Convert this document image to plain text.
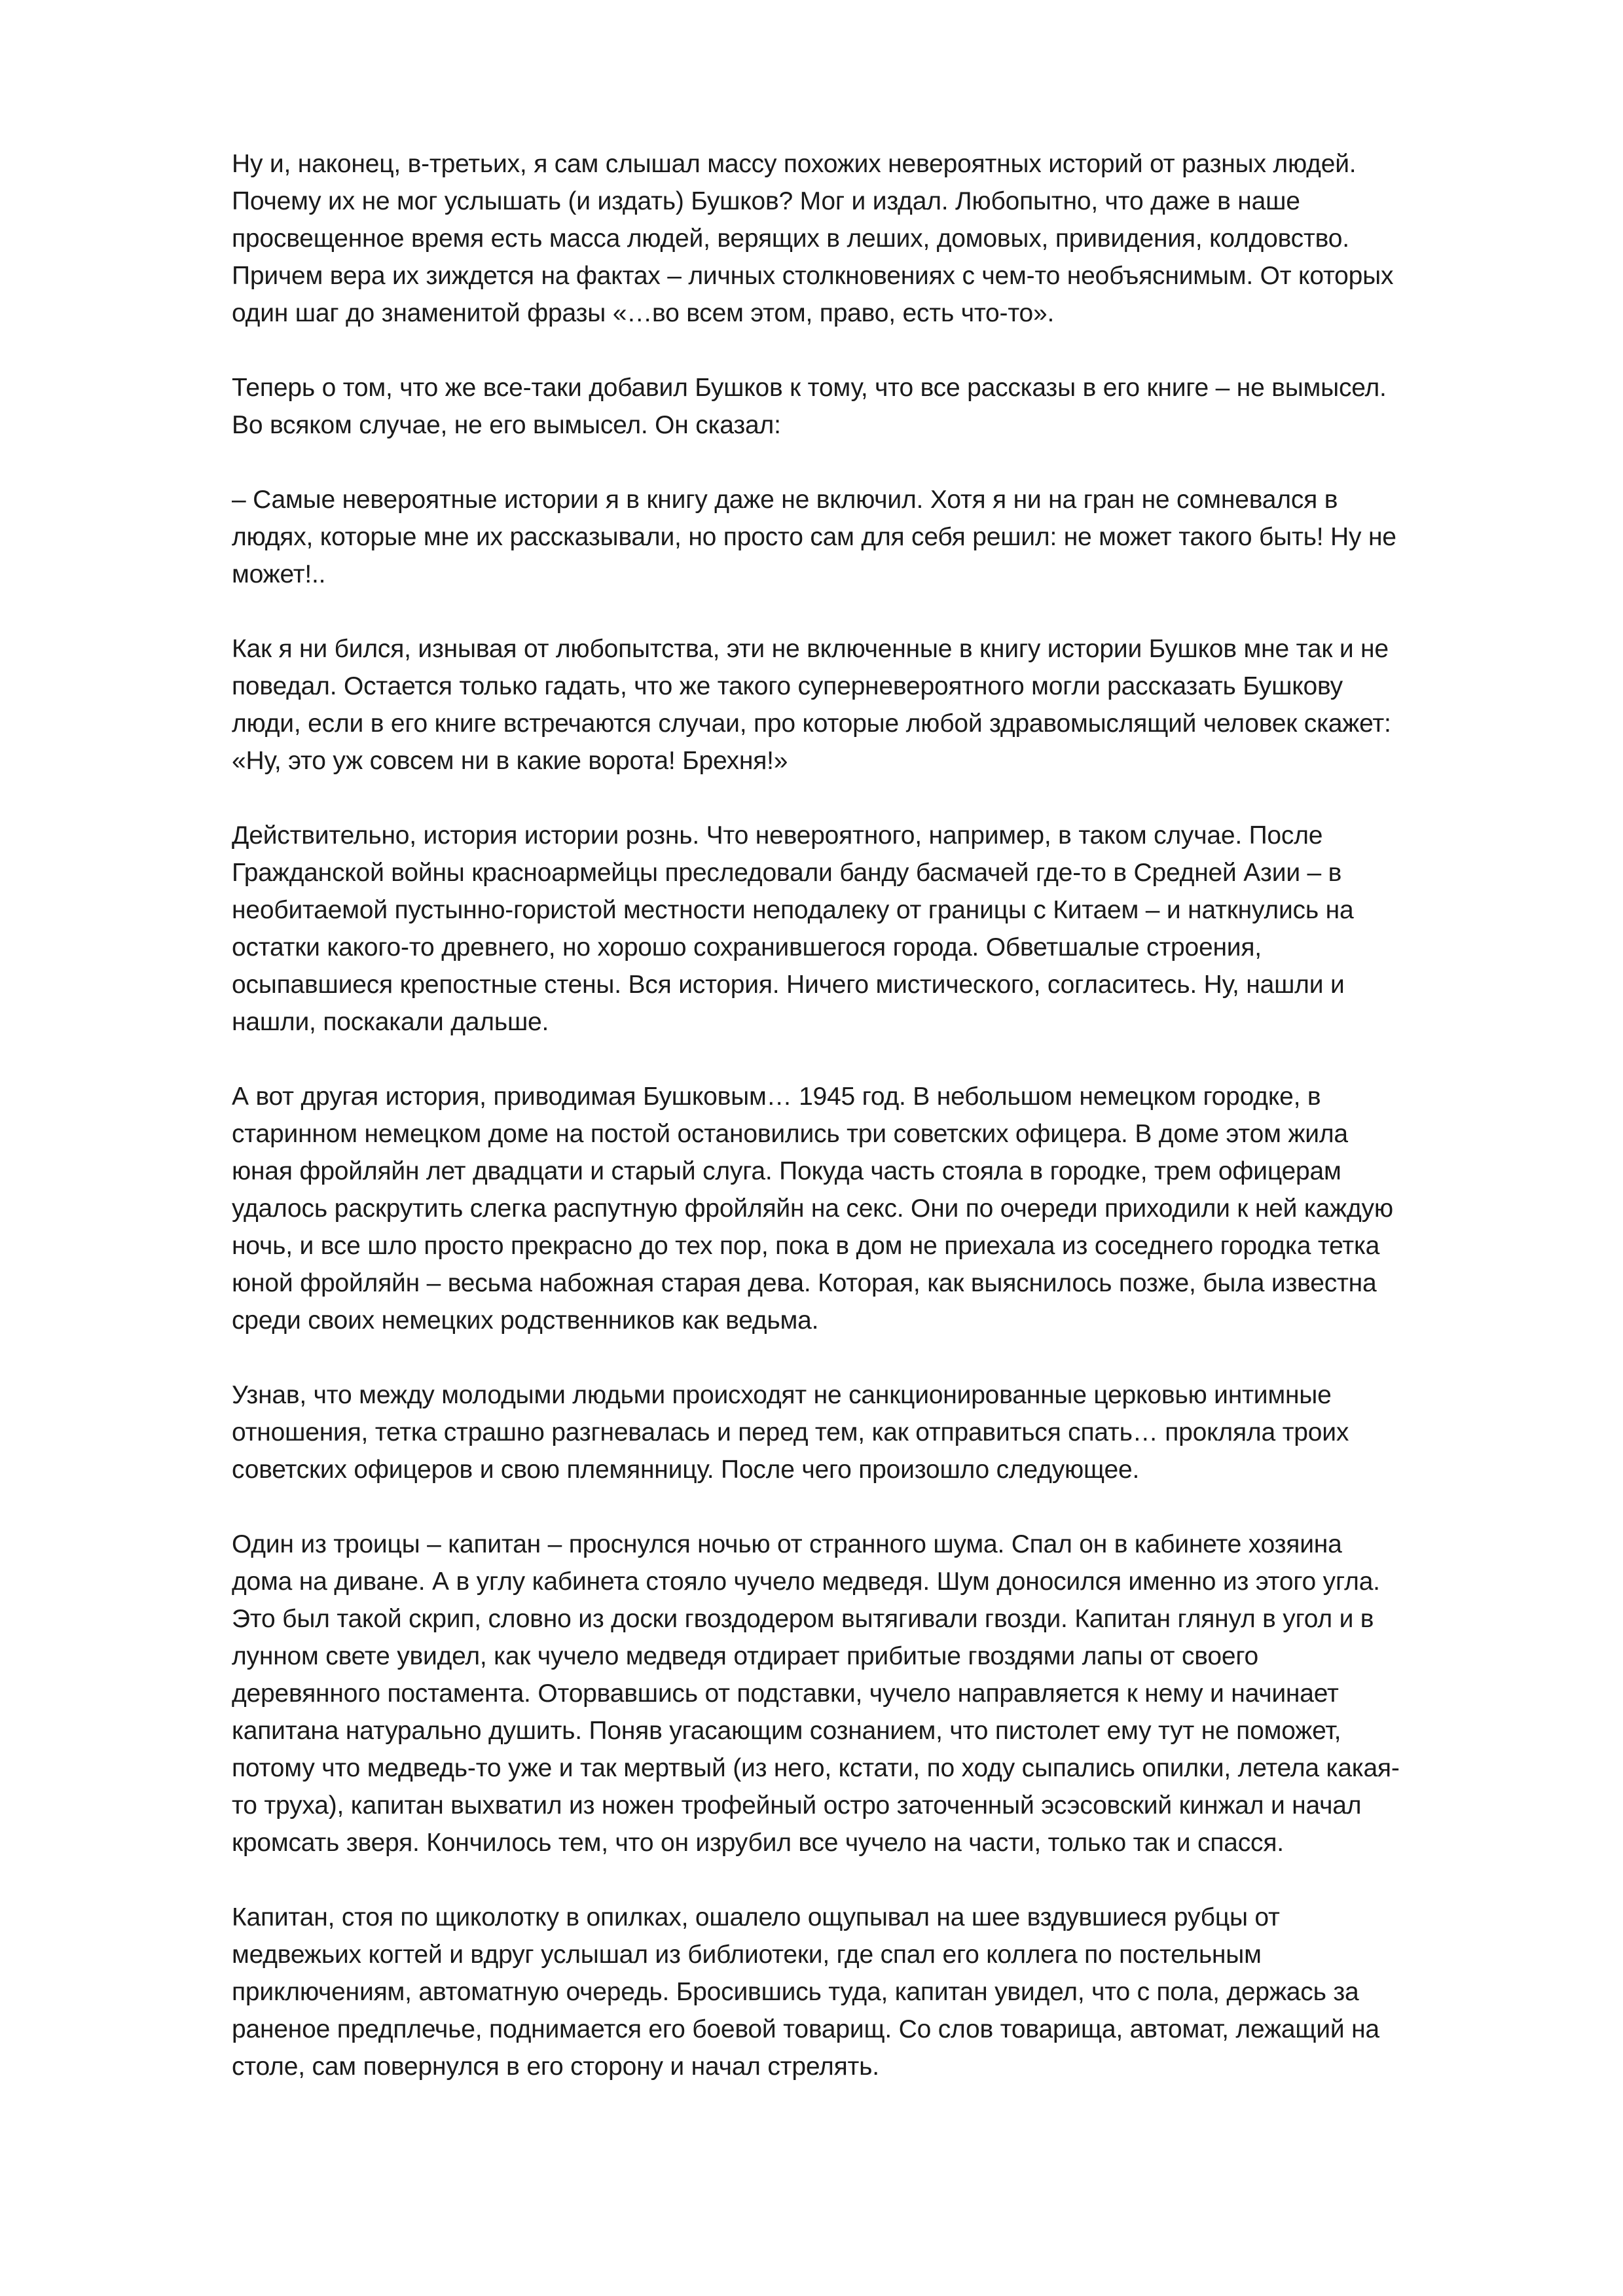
Ну и, наконец, в-третьих, я сам слышал массу похожих невероятных историй от разных людей.
Почему их не мог услышать (и издать) Бушков? Мог и издал. Любопытно, что даже в наше
просвещенное время есть масса людей, верящих в леших, домовых, привидения, колдовство.
Причем вера их зиждется на фактах – личных столкновениях с чем-то необъяснимым. От которых
один шаг до знаменитой фразы «…во всем этом, право, есть что-то».

Теперь о том, что же все-таки добавил Бушков к тому, что все рассказы в его книге – не вымысел.
Во всяком случае, не его вымысел. Он сказал:

– Самые невероятные истории я в книгу даже не включил. Хотя я ни на гран не сомневался в
людях, которые мне их рассказывали, но просто сам для себя решил: не может такого быть! Ну не
может!..

Как я ни бился, изнывая от любопытства, эти не включенные в книгу истории Бушков мне так и не
поведал. Остается только гадать, что же такого суперневероятного могли рассказать Бушкову
люди, если в его книге встречаются случаи, про которые любой здравомыслящий человек скажет:
«Ну, это уж совсем ни в какие ворота! Брехня!»

Действительно, история истории рознь. Что невероятного, например, в таком случае. После
Гражданской войны красноармейцы преследовали банду басмачей где-то в Средней Азии – в
необитаемой пустынно-гористой местности неподалеку от границы с Китаем – и наткнулись на
остатки какого-то древнего, но хорошо сохранившегося города. Обветшалые строения,
осыпавшиеся крепостные стены. Вся история. Ничего мистического, согласитесь. Ну, нашли и
нашли, поскакали дальше.

А вот другая история, приводимая Бушковым… 1945 год. В небольшом немецком городке, в
старинном немецком доме на постой остановились три советских офицера. В доме этом жила
юная фройляйн лет двадцати и старый слуга. Покуда часть стояла в городке, трем офицерам
удалось раскрутить слегка распутную фройляйн на секс. Они по очереди приходили к ней каждую
ночь, и все шло просто прекрасно до тех пор, пока в дом не приехала из соседнего городка тетка
юной фройляйн – весьма набожная старая дева. Которая, как выяснилось позже, была известна
среди своих немецких родственников как ведьма.

Узнав, что между молодыми людьми происходят не санкционированные церковью интимные
отношения, тетка страшно разгневалась и перед тем, как отправиться спать… прокляла троих
советских офицеров и свою племянницу. После чего произошло следующее.

Один из троицы – капитан – проснулся ночью от странного шума. Спал он в кабинете хозяина
дома на диване. А в углу кабинета стояло чучело медведя. Шум доносился именно из этого угла.
Это был такой скрип, словно из доски гвоздодером вытягивали гвозди. Капитан глянул в угол и в
лунном свете увидел, как чучело медведя отдирает прибитые гвоздями лапы от своего
деревянного постамента. Оторвавшись от подставки, чучело направляется к нему и начинает
капитана натурально душить. Поняв угасающим сознанием, что пистолет ему тут не поможет,
потому что медведь-то уже и так мертвый (из него, кстати, по ходу сыпались опилки, летела какая-
то труха), капитан выхватил из ножен трофейный остро заточенный эсэсовский кинжал и начал
кромсать зверя. Кончилось тем, что он изрубил все чучело на части, только так и спасся.

Капитан, стоя по щиколотку в опилках, ошалело ощупывал на шее вздувшиеся рубцы от
медвежьих когтей и вдруг услышал из библиотеки, где спал его коллега по постельным
приключениям, автоматную очередь. Бросившись туда, капитан увидел, что с пола, держась за
раненое предплечье, поднимается его боевой товарищ. Со слов товарища, автомат, лежащий на
столе, сам повернулся в его сторону и начал стрелять.
